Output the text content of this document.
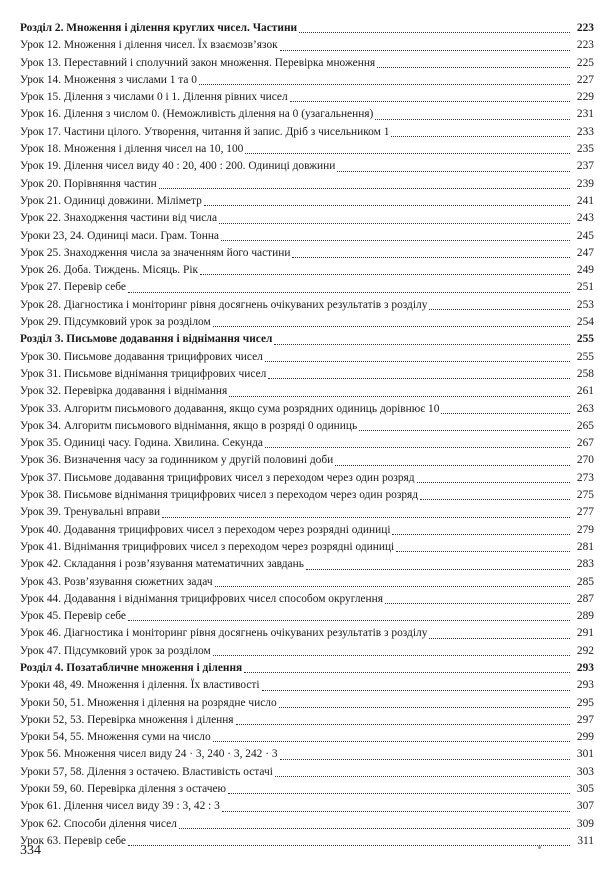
Розділ 2. Множення і ділення круглих чисел. Частини	223
Урок 12. Множення і ділення чисел. Їх взаємозв’язок	223
Урок 13. Переставний і сполучний закон множення. Перевірка множення	225
Урок 14. Множення з числами 1 та 0	227
Урок 15. Ділення з числами 0 і 1. Ділення рівних чисел	229
Урок 16. Ділення з числом 0. (Неможливість ділення на 0 (узагальнення)	231
Урок 17. Частини цілого. Утворення, читання й запис. Дріб з чисельником 1	233
Урок 18. Множення і ділення чисел на 10, 100	235
Урок 19. Ділення чисел виду 40 : 20, 400 : 200. Одиниці довжини	237
Урок 20. Порівняння частин	239
Урок 21. Одиниці довжини. Міліметр	241
Урок 22. Знаходження частини від числа	243
Уроки 23, 24. Одиниці маси. Грам. Тонна	245
Урок 25. Знаходження числа за значенням його частини	247
Урок 26. Доба. Тиждень. Місяць. Рік	249
Урок 27. Перевір себе	251
Урок 28. Діагностика і моніторинг рівня досягнень очікуваних результатів з розділу	253
Урок 29. Підсумковий урок за розділом	254
Розділ 3. Письмове додавання і віднімання чисел	255
Урок 30. Письмове додавання трицифрових чисел	255
Урок 31. Письмове віднімання трицифрових чисел	258
Урок 32. Перевірка додавання і віднімання	261
Урок 33. Алгоритм письмового додавання, якщо сума розрядних одиниць дорівнює 10	263
Урок 34. Алгоритм письмового віднімання, якщо в розряді 0 одиниць	265
Урок 35. Одиниці часу. Година. Хвилина. Секунда	267
Урок 36. Визначення часу за годинником у другій половині доби	270
Урок 37. Письмове додавання трицифрових чисел з переходом через один розряд	273
Урок 38. Письмове віднімання трицифрових чисел з переходом через один розряд	275
Урок 39. Тренувальні вправи	277
Урок 40. Додавання трицифрових чисел з переходом через розрядні одиниці	279
Урок 41. Віднімання трицифрових чисел з переходом через розрядні одиниці	281
Урок 42. Складання і розв’язування математичних завдань	283
Урок 43. Розв’язування сюжетних задач	285
Урок 44. Додавання і віднімання трицифрових чисел способом округлення	287
Урок 45. Перевір себе	289
Урок 46. Діагностика і моніторинг рівня досягнень очікуваних результатів з розділу	291
Урок 47. Підсумковий урок за розділом	292
Розділ 4. Позатабличне множення і ділення	293
Уроки 48, 49. Множення і ділення. Їх властивості	293
Уроки 50, 51. Множення і ділення на розрядне число	295
Уроки 52, 53. Перевірка множення і ділення	297
Уроки 54, 55. Множення суми на число	299
Урок 56. Множення чисел виду 24 · 3, 240 · 3, 242 · 3	301
Уроки 57, 58. Ділення з остачею. Властивість остачі	303
Уроки 59, 60. Перевірка ділення з остачею	305
Урок 61. Ділення чисел виду 39 : 3, 42 : 3	307
Урок 62. Способи ділення чисел	309
Урок 63. Перевір себе	311
334
